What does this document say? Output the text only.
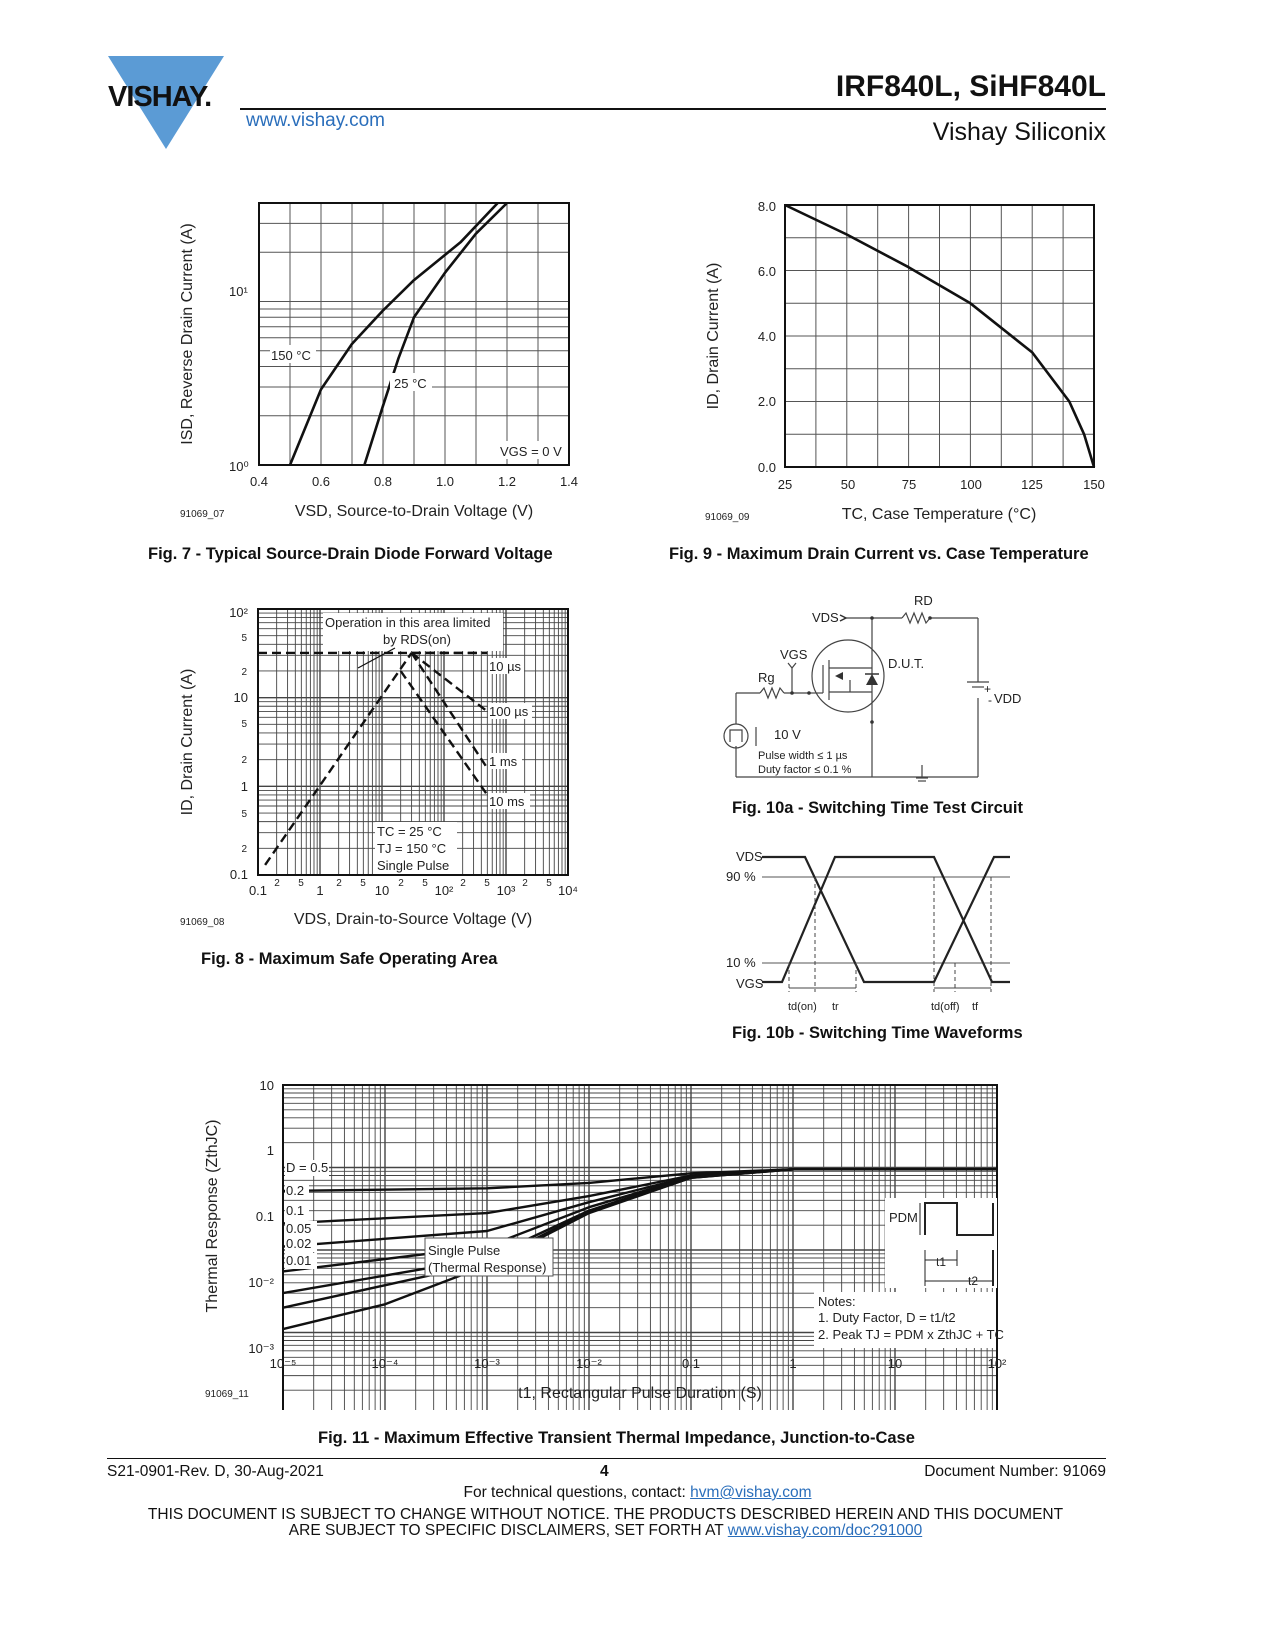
VISHAY.
www.vishay.com
IRF840L, SiHF840L
Vishay Siliconix
150 °C
25 °C
VGS = 0 V
10¹
10⁰
0.4	0.6	0.8	1.0	1.2	1.4
VSD, Source-to-Drain Voltage (V)
ISD, Reverse Drain Current (A)
91069_07
Fig. 7 - Typical Source-Drain Diode Forward Voltage
0.0
2.0
4.0
6.0
8.0
25	50	75	100	125	150
TC, Case Temperature (°C)
ID, Drain Current (A)
91069_09
Fig. 9 - Maximum Drain Current vs. Case Temperature
Operation in this area limited
by RDS(on)
10 µs
100 µs
1 ms
10 ms
TC = 25 °C
TJ = 150 °C
Single Pulse
10²
10
1
0.1
5
2
5
2
5
2
0.1	1	10	10²	10³	10⁴
2 5	2 5	2 5	2 5	2 5
VDS, Drain-to-Source Voltage (V)
ID, Drain Current (A)
91069_08
Fig. 8 - Maximum Safe Operating Area
RD
VDS
VGS
Rg
D.U.T.
+
- VDD
10 V
Pulse width ≤ 1 µs
Duty factor ≤ 0.1 %
Fig. 10a - Switching Time Test Circuit
VDS
90 %
10 %
VGS
td(on) tr	td(off) tf
Fig. 10b - Switching Time Waveforms
D = 0.5
0.2
0.1
0.05
0.02
0.01
Single Pulse
(Thermal Response)
PDM
t1
t2
Notes:
1. Duty Factor, D = t1/t2
2. Peak TJ = PDM x ZthJC + TC
10
1
0.1
10⁻²
10⁻³
10⁻⁵	10⁻⁴	10⁻³	10⁻²	0.1	1	10	10²
t1, Rectangular Pulse Duration (S)
Thermal Response (ZthJC)
91069_11
Fig. 11 - Maximum Effective Transient Thermal Impedance, Junction-to-Case
S21-0901-Rev. D, 30-Aug-2021	4	Document Number: 91069
For technical questions, contact: hvm@vishay.com
THIS DOCUMENT IS SUBJECT TO CHANGE WITHOUT NOTICE. THE PRODUCTS DESCRIBED HEREIN AND THIS DOCUMENT
ARE SUBJECT TO SPECIFIC DISCLAIMERS, SET FORTH AT www.vishay.com/doc?91000
